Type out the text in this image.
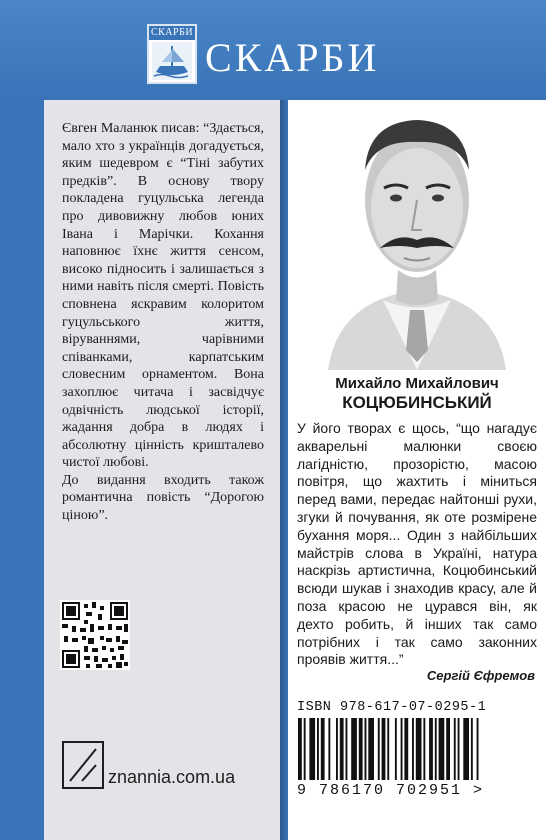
СКАРБИ
СКАРБИ

Євген Маланюк писав: “Здається, мало хто з українців догадується, яким шедевром є “Тіні забутих предків”. В основу твору покладена гуцульська легенда про дивовижну любов юних Івана і Марічки. Кохання наповнює їхнє життя сенсом, високо підносить і залишається з ними навіть після смерті. Повість сповнена яскравим колоритом гуцульського життя, віруваннями, чарівними співанками, карпатським словесним орнаментом. Вона захоплює читача і засвідчує одвічність людської історії, жадання добра в людях і абсолютну цінність кришталево чистої любові.

До видання входить також романтична повість “Дорогою ціною”.

znannia.com.ua
Михайло Михайлович
КОЦЮБИНСЬКИЙ
У його творах є щось, “що нагадує акварельні малюнки своєю лагідністю, прозорістю, масою повітря, що жахтить і міниться перед вами, передає найтонші рухи, згуки й почування, як оте розмірене бухання моря... Один з найбільших майстрів слова в Україні, натура наскрізь артистична, Коцюбинський всюди шукав і знаходив красу, але й поза красою не цурався він, як дехто робить, й інших так само потрібних і так само законних проявів життя...”
Сергій Єфремов
ISBN 978-617-07-0295-1
9 786170 702951 >
